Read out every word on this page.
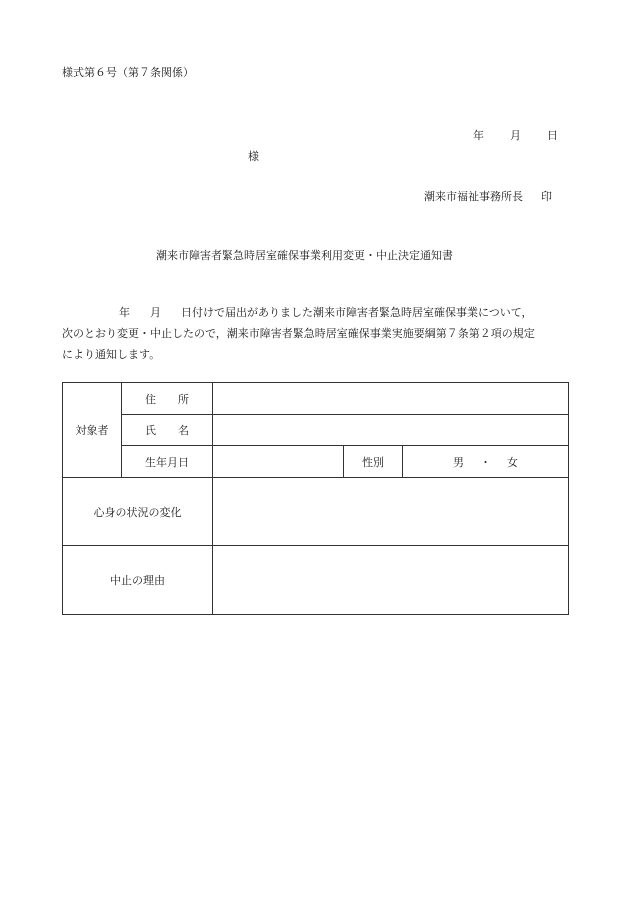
様式第６号（第７条関係）
年 月 日
様
潮来市福祉事務所長 印
潮来市障害者緊急時居室確保事業利用変更・中止決定通知書
年 月 日付けで届出がありました潮来市障害者緊急時居室確保事業について，
次のとおり変更・中止したので，潮来市障害者緊急時居室確保事業実施要綱第７条第２項の規定
により通知します。
対象者	住 所			
	氏 名			
	生年月日		性別	男 ・ 女
心身の状況の変化				
中止の理由				
